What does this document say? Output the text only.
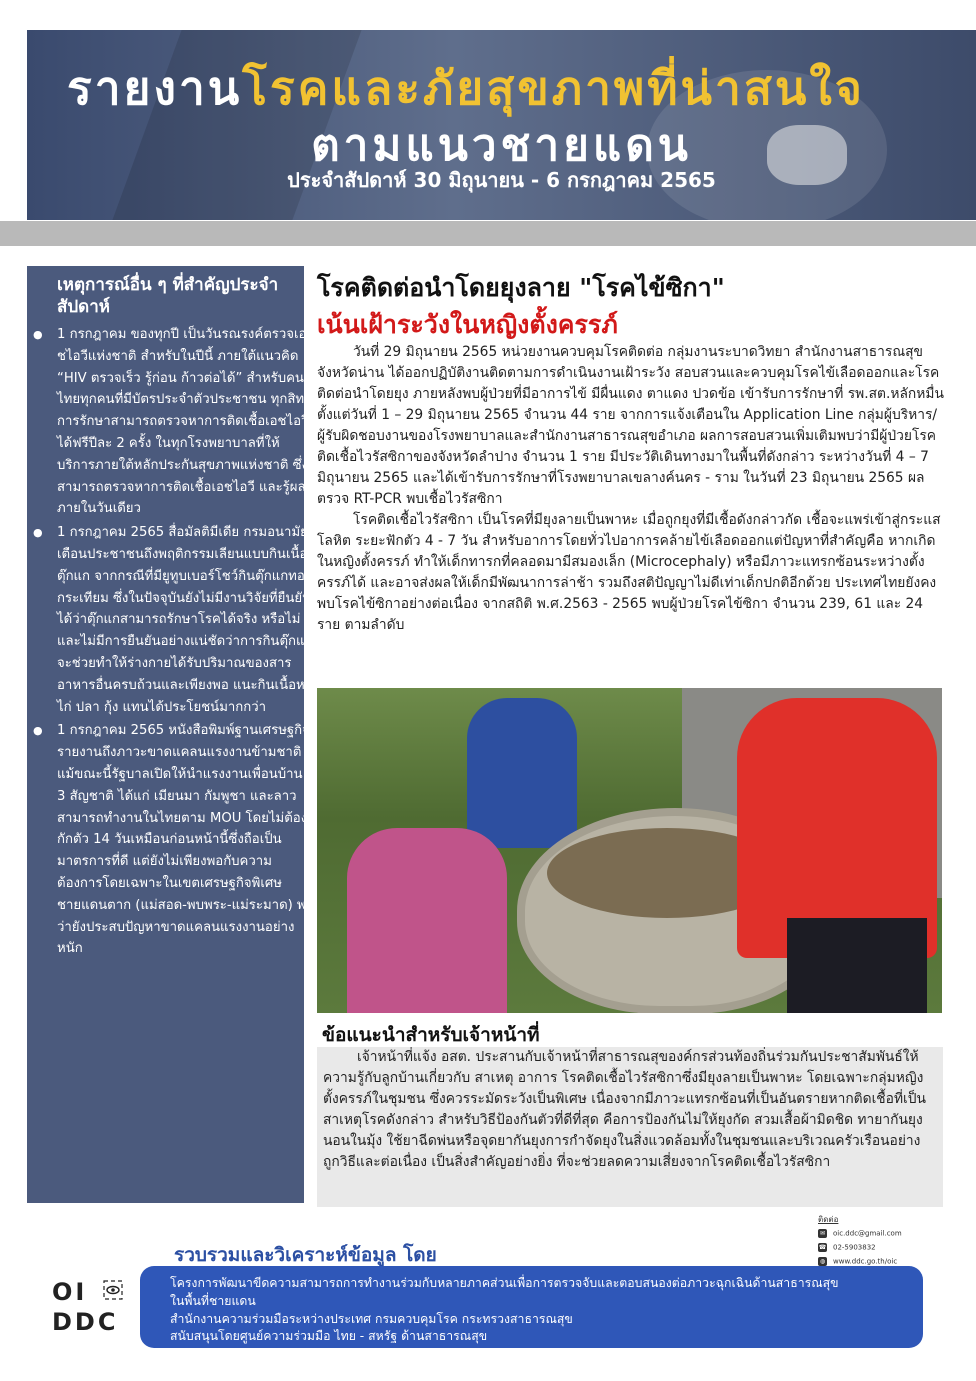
รายงานโรคและภัยสุขภาพที่น่าสนใจ
ตามแนวชายแดน
ประจำสัปดาห์ 30 มิถุนายน - 6 กรกฎาคม 2565
เหตุการณ์อื่น ๆ ที่สำคัญประจำสัปดาห์
● 1 กรกฎาคม ของทุกปี เป็นวันรณรงค์ตรวจเอชไอวีแห่งชาติ สำหรับในปีนี้ ภายใต้แนวคิด “HIV ตรวจเร็ว รู้ก่อน ก้าวต่อได้” สำหรับคนไทยทุกคนที่มีบัตรประจำตัวประชาชน ทุกสิทธิ์การรักษาสามารถตรวจหาการติดเชื้อเอชไอวีได้ฟรีปีละ 2 ครั้ง ในทุกโรงพยาบาลที่ให้บริการภายใต้หลักประกันสุขภาพแห่งชาติ ซึ่งสามารถตรวจหาการติดเชื้อเอชไอวี และรู้ผลภายในวันเดียว
● 1 กรกฎาคม 2565 สื่อมัลติมีเดีย กรมอนามัย เตือนประชาชนถึงพฤติกรรมเลียนแบบกินเนื้อตุ๊กแก จากกรณีที่มียูทูบเบอร์โชว์กินตุ๊กแกทอดกระเทียม ซึ่งในปัจจุบันยังไม่มีงานวิจัยที่ยืนยันได้ว่าตุ๊กแกสามารถรักษาโรคได้จริง หรือไม่ และไม่มีการยืนยันอย่างแน่ชัดว่าการกินตุ๊กแกจะช่วยทำให้ร่างกายได้รับปริมาณของสารอาหารอื่นครบถ้วนและเพียงพอ แนะกินเนื้อหมู ไก่ ปลา กุ้ง แทนได้ประโยชน์มากกว่า
● 1 กรกฎาคม 2565 หนังสือพิมพ์ฐานเศรษฐกิจ รายงานถึงภาวะขาดแคลนแรงงานข้ามชาติ แม้ขณะนี้รัฐบาลเปิดให้นำแรงงานเพื่อนบ้าน 3 สัญชาติ ได้แก่ เมียนมา กัมพูชา และลาว สามารถทำงานในไทยตาม MOU โดยไม่ต้องกักตัว 14 วันเหมือนก่อนหน้านี้ซึ่งถือเป็นมาตรการที่ดี แต่ยังไม่เพียงพอกับความต้องการโดยเฉพาะในเขตเศรษฐกิจพิเศษ ชายแดนตาก (แม่สอด-พบพระ-แม่ระมาด) พบว่ายังประสบปัญหาขาดแคลนแรงงานอย่างหนัก
โรคติดต่อนำโดยยุงลาย "โรคไข้ซิกา"
เน้นเฝ้าระวังในหญิงตั้งครรภ์

วันที่ 29 มิถุนายน 2565 หน่วยงานควบคุมโรคติดต่อ กลุ่มงานระบาดวิทยา สำนักงานสาธารณสุขจังหวัดน่าน ได้ออกปฏิบัติงานติดตามการดำเนินงานเฝ้าระวัง สอบสวนและควบคุมโรคไข้เลือดออกและโรคติดต่อนำโดยยุง ภายหลังพบผู้ป่วยที่มีอาการไข้ มีผื่นแดง ตาแดง ปวดข้อ เข้ารับการรักษาที่ รพ.สต.หลักหมื่น ตั้งแต่วันที่ 1 – 29 มิถุนายน 2565 จำนวน 44 ราย จากการแจ้งเตือนใน Application Line กลุ่มผู้บริหาร/ผู้รับผิดชอบงานของโรงพยาบาลและสำนักงานสาธารณสุขอำเภอ ผลการสอบสวนเพิ่มเติมพบว่ามีผู้ป่วยโรคติดเชื้อไวรัสซิกาของจังหวัดลำปาง จำนวน 1 ราย มีประวัติเดินทางมาในพื้นที่ดังกล่าว ระหว่างวันที่ 4 – 7 มิถุนายน 2565 และได้เข้ารับการรักษาที่โรงพยาบาลเขลางค์นคร - ราม ในวันที่ 23 มิถุนายน 2565 ผลตรวจ RT-PCR พบเชื้อไวรัสซิกา

โรคติดเชื้อไวรัสซิกา เป็นโรคที่มียุงลายเป็นพาหะ เมื่อถูกยุงที่มีเชื้อดังกล่าวกัด เชื้อจะแพร่เข้าสู่กระแสโลหิต ระยะฟักตัว 4 - 7 วัน สำหรับอาการโดยทั่วไปอาการคล้ายไข้เลือดออกแต่ปัญหาที่สำคัญคือ หากเกิดในหญิงตั้งครรภ์ ทำให้เด็กทารกที่คลอดมามีสมองเล็ก (Microcephaly) หรือมีภาวะแทรกซ้อนระหว่างตั้งครรภ์ได้ และอาจส่งผลให้เด็กมีพัฒนาการล่าช้า รวมถึงสติปัญญาไม่ดีเท่าเด็กปกติอีกด้วย ประเทศไทยยังคงพบโรคไข้ซิกาอย่างต่อเนื่อง จากสถิติ พ.ศ.2563 - 2565 พบผู้ป่วยโรคไข้ซิกา จำนวน 239, 61 และ 24 ราย ตามลำดับ

ข้อแนะนำสำหรับเจ้าหน้าที่

เจ้าหน้าที่แจ้ง อสต. ประสานกับเจ้าหน้าที่สาธารณสุของค์กรส่วนท้องถิ่นร่วมกันประชาสัมพันธ์ให้ ความรู้กับลูกบ้านเกี่ยวกับ สาเหตุ อาการ โรคติดเชื้อไวรัสซิกาซึ่งมียุงลายเป็นพาหะ โดยเฉพาะกลุ่มหญิงตั้งครรภ์ในชุมชน ซึ่งควรระมัดระวังเป็นพิเศษ เนื่องจากมีภาวะแทรกซ้อนที่เป็นอันตรายหากติดเชื้อที่เป็นสาเหตุโรคดังกล่าว สำหรับวิธีป้องกันตัวที่ดีที่สุด คือการป้องกันไม่ให้ยุงกัด สวมเสื้อผ้ามิดชิด ทายากันยุง นอนในมุ้ง ใช้ยาฉีดพ่นหรือจุดยากันยุงการกำจัดยุงในสิ่งแวดล้อมทั้งในชุมชนและบริเวณครัวเรือนอย่างถูกวิธีและต่อเนื่อง เป็นสิ่งสำคัญอย่างยิ่ง ที่จะช่วยลดความเสี่ยงจากโรคติดเชื้อไวรัสซิกา

ติดต่อ
✉ oic.ddc@gmail.com
☎ 02-5903832
◍ www.ddc.go.th/oic
รวบรวมและวิเคราะห์ข้อมูล โดย
OI
DDC
โครงการพัฒนาขีดความสามารถการทำงานร่วมกับหลายภาคส่วนเพื่อการตรวจจับและตอบสนองต่อภาวะฉุกเฉินด้านสาธารณสุข
ในพื้นที่ชายแดน
สำนักงานความร่วมมือระหว่างประเทศ กรมควบคุมโรค กระทรวงสาธารณสุข
สนับสนุนโดยศูนย์ความร่วมมือ ไทย - สหรัฐ ด้านสาธารณสุข
